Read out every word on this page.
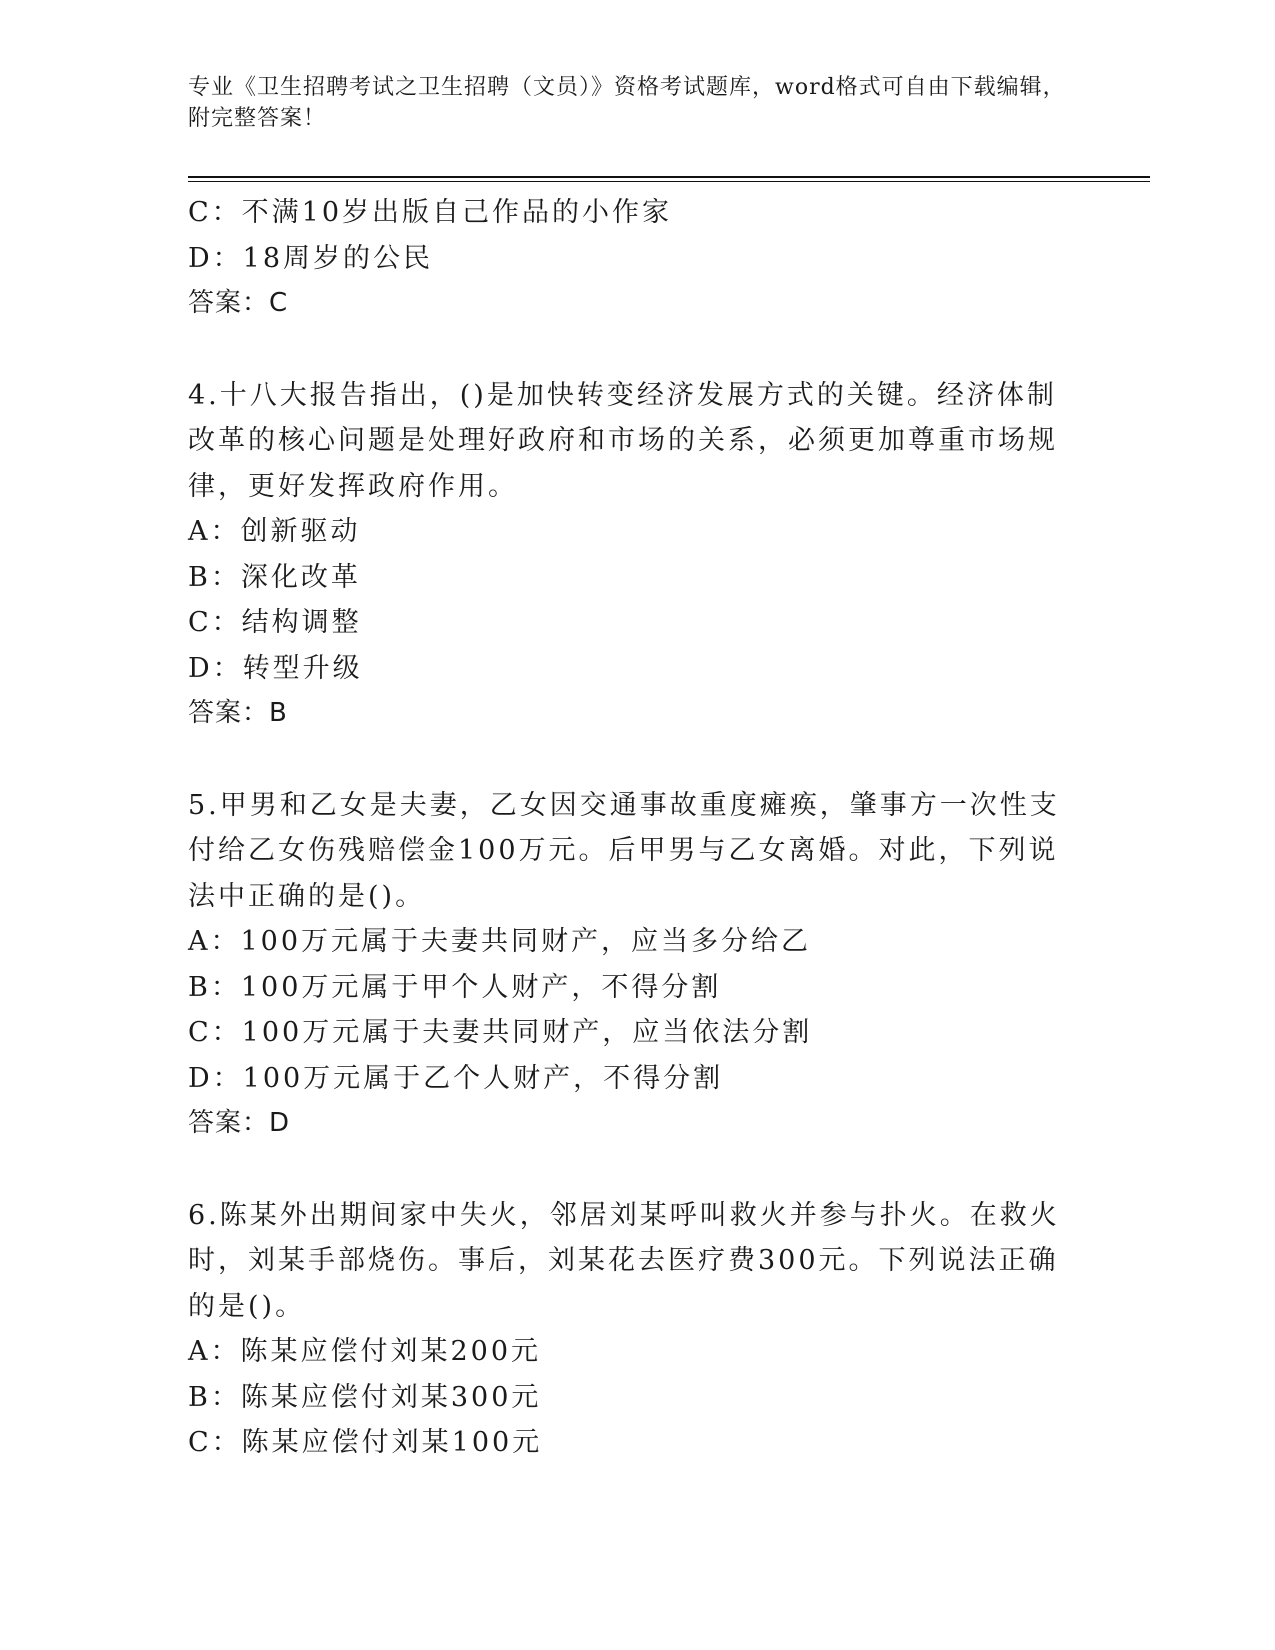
专业《卫生招聘考试之卫生招聘（文员）》资格考试题库，word格式可自由下载编辑，附完整答案！
C：不满10岁出版自己作品的小作家
D：18周岁的公民
答案：C
4.十八大报告指出，()是加快转变经济发展方式的关键。经济体制改革的核心问题是处理好政府和市场的关系，必须更加尊重市场规律，更好发挥政府作用。
A：创新驱动
B：深化改革
C：结构调整
D：转型升级
答案：B
5.甲男和乙女是夫妻，乙女因交通事故重度瘫痪，肇事方一次性支付给乙女伤残赔偿金100万元。后甲男与乙女离婚。对此，下列说法中正确的是()。
A：100万元属于夫妻共同财产，应当多分给乙
B：100万元属于甲个人财产，不得分割
C：100万元属于夫妻共同财产，应当依法分割
D：100万元属于乙个人财产，不得分割
答案：D
6.陈某外出期间家中失火，邻居刘某呼叫救火并参与扑火。在救火时，刘某手部烧伤。事后，刘某花去医疗费300元。下列说法正确的是()。
A：陈某应偿付刘某200元
B：陈某应偿付刘某300元
C：陈某应偿付刘某100元
